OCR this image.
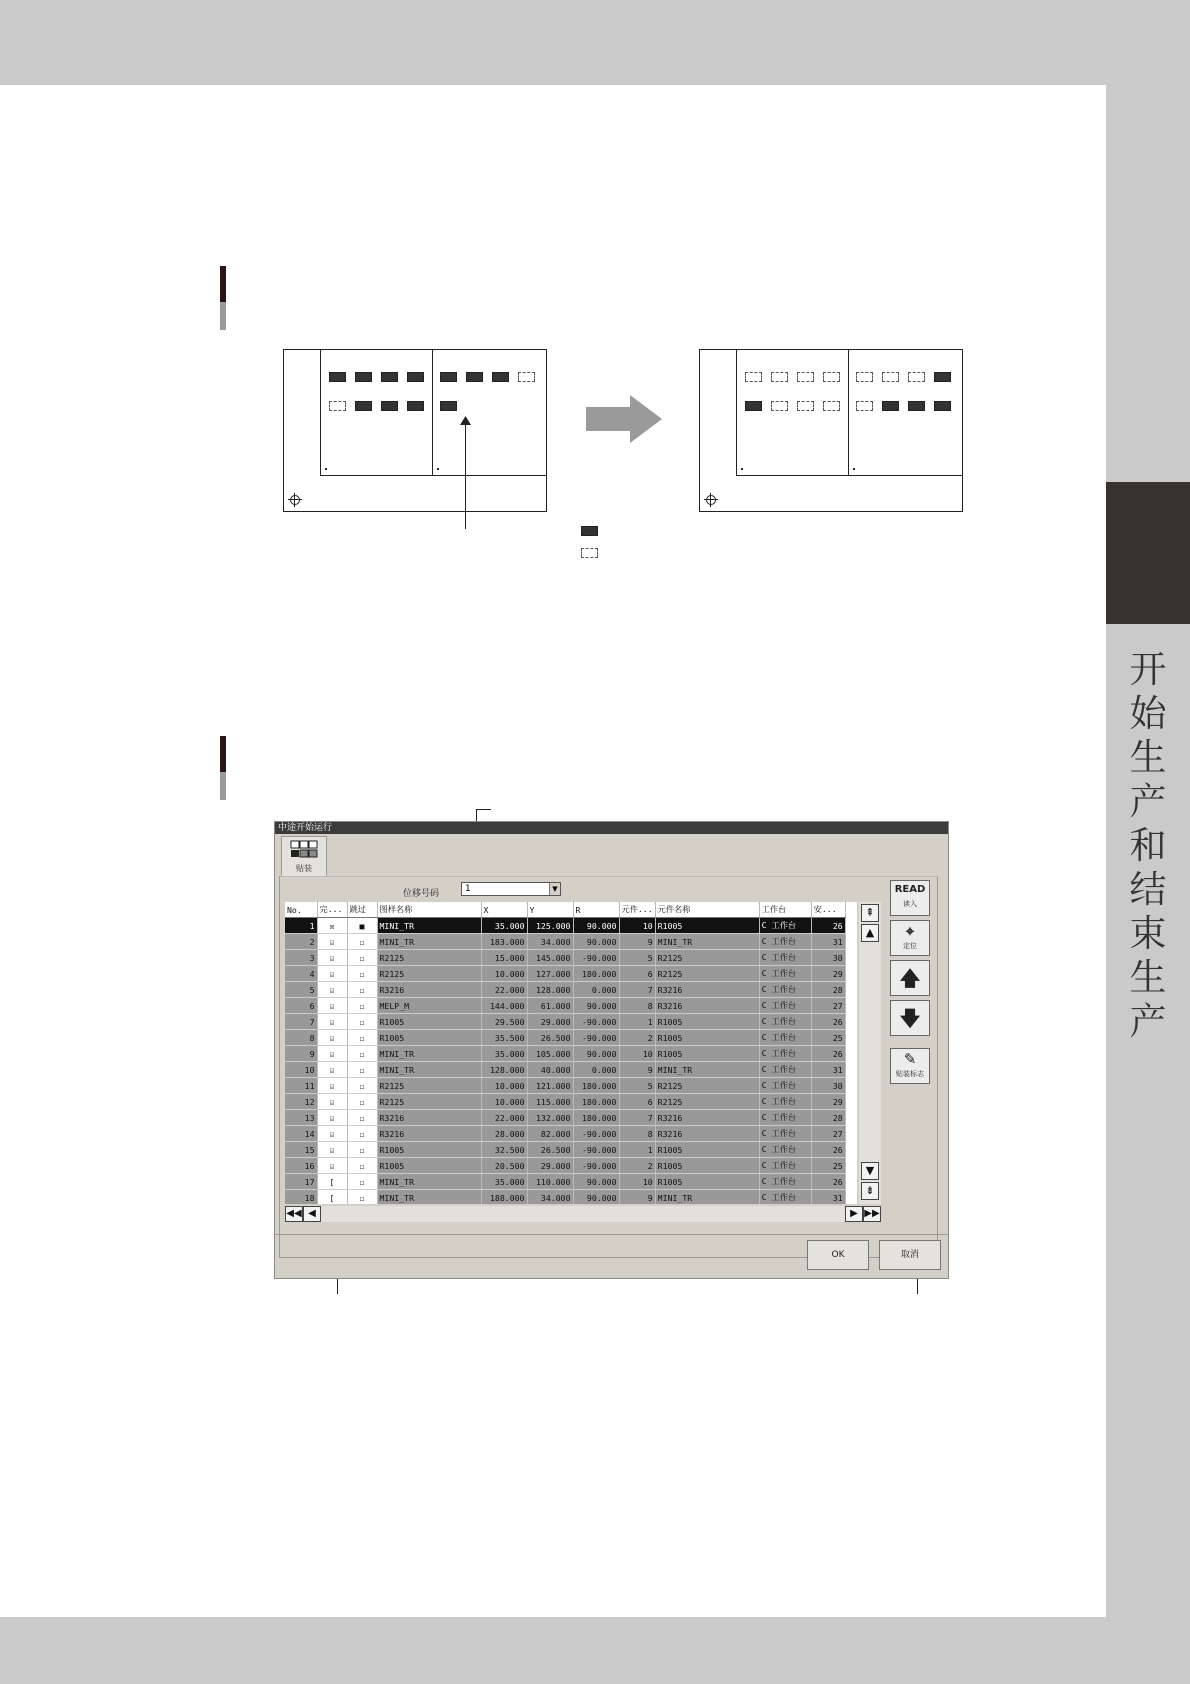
开始生产和结束生产
中途开始运行
贴装
位移号码	1	▼
No.	完...	跳过	图样名称	X	Y	R	元件...	元件名称	工作台	安...
1	☒	■	MINI_TR	35.000	125.000	90.000	10	R1005	C 工作台	26
2	☑	☐	MINI_TR	183.000	34.000	90.000	9	MINI_TR	C 工作台	31
3	☑	☐	R2125	15.000	145.000	-90.000	5	R2125	C 工作台	30
4	☑	☐	R2125	10.000	127.000	180.000	6	R2125	C 工作台	29
5	☑	☐	R3216	22.000	128.000	0.000	7	R3216	C 工作台	28
6	☑	☐	MELP_M	144.000	61.000	90.000	8	R3216	C 工作台	27
7	☑	☐	R1005	29.500	29.000	-90.000	1	R1005	C 工作台	26
8	☑	☐	R1005	35.500	26.500	-90.000	2	R1005	C 工作台	25
9	☑	☐	MINI_TR	35.000	105.000	90.000	10	R1005	C 工作台	26
10	☑	☐	MINI_TR	128.000	40.000	0.000	9	MINI_TR	C 工作台	31
11	☑	☐	R2125	10.000	121.000	180.000	5	R2125	C 工作台	30
12	☑	☐	R2125	10.000	115.000	180.000	6	R2125	C 工作台	29
13	☑	☐	R3216	22.000	132.000	180.000	7	R3216	C 工作台	28
14	☑	☐	R3216	28.000	82.000	-90.000	8	R3216	C 工作台	27
15	☑	☐	R1005	32.500	26.500	-90.000	1	R1005	C 工作台	26
16	☑	☐	R1005	20.500	29.000	-90.000	2	R1005	C 工作台	25
17	[	☐	MINI_TR	35.000	110.000	90.000	10	R1005	C 工作台	26
18	[	☐	MINI_TR	188.000	34.000	90.000	9	MINI_TR	C 工作台	31

⇞
▲
▼
⇟
◀◀ ◀	▶ ▶▶
READ
读入
⌖
定位
🡅
🡇
✎
贴装标志
OK	取消
